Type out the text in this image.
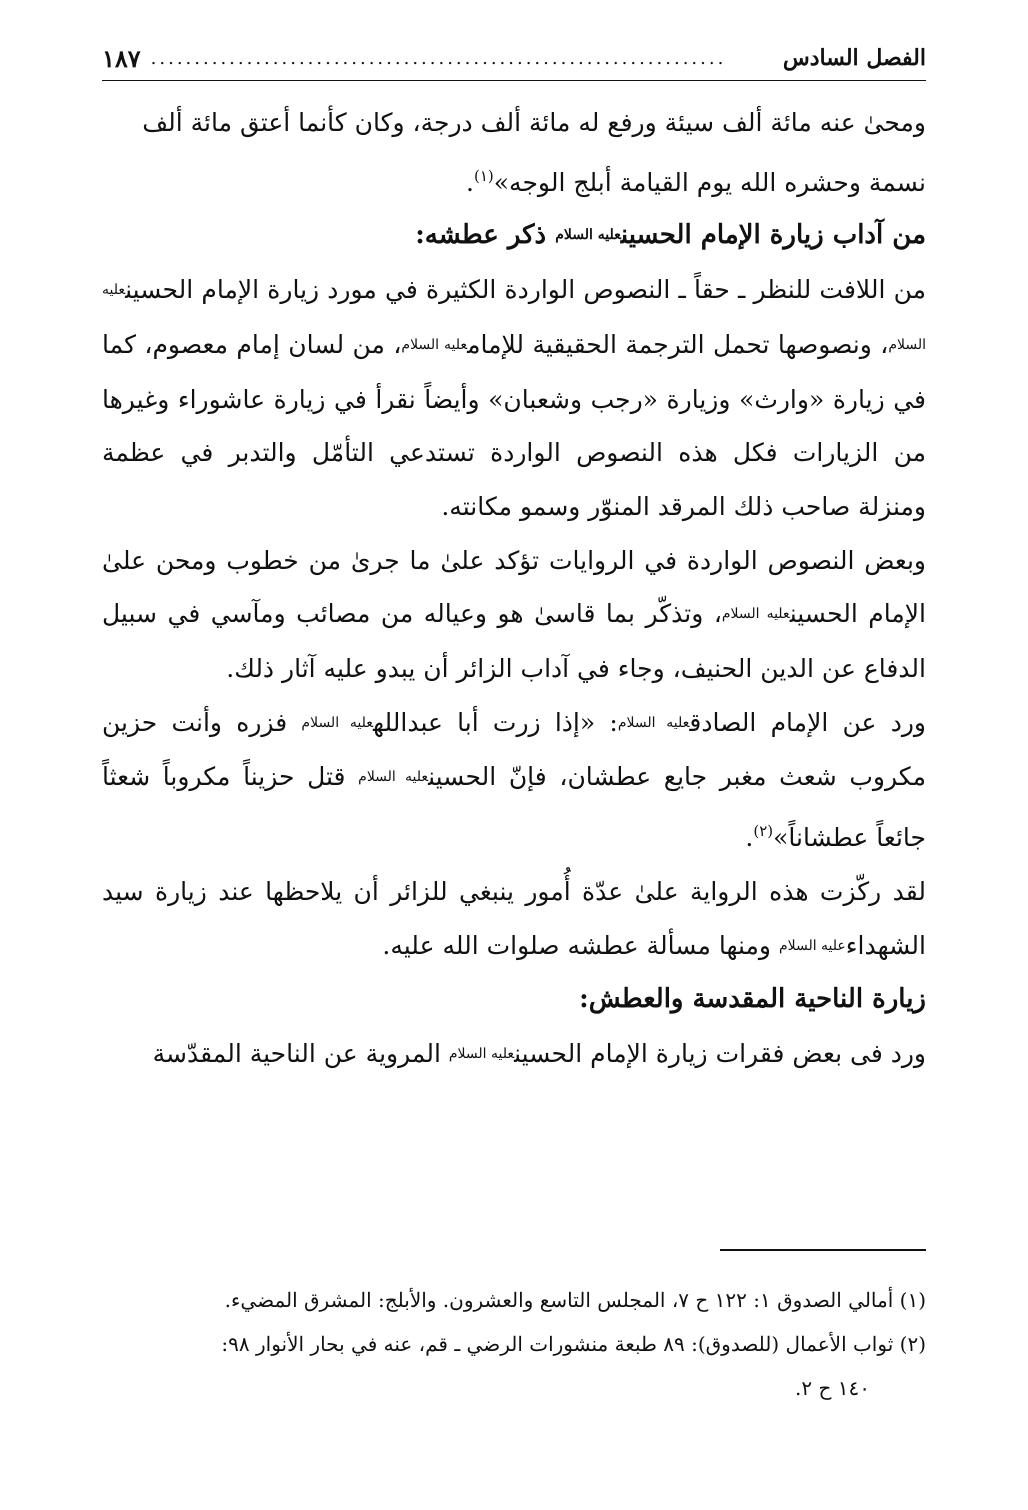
الفصل السادس
..................................................................
١٨٧

ومحىٰ عنه مائة ألف سيئة ورفع له مائة ألف درجة، وكان كأنما أعتق مائة ألف
نسمة وحشره الله يوم القيامة أبلج الوجه»$^{(١)}$.

من آداب زيارة الإمام الحسينعليه السلام ذكر عطشه:

من اللافت للنظر ـ حقاً ـ النصوص الواردة الكثيرة في مورد زيارة الإمام الحسينعليه السلام، ونصوصها تحمل الترجمة الحقيقية للإمامعليه السلام، من لسان إمام معصوم، كما في زيارة «وارث» وزيارة «رجب وشعبان» وأيضاً نقرأ في زيارة عاشوراء وغيرها من الزيارات فكل هذه النصوص الواردة تستدعي التأمّل والتدبر في عظمة ومنزلة صاحب ذلك المرقد المنوّر وسمو مكانته.

وبعض النصوص الواردة في الروايات تؤكد علىٰ ما جرىٰ من خطوب ومحن علىٰ الإمام الحسينعليه السلام، وتذكّر بما قاسىٰ هو وعياله من مصائب ومآسي في سبيل الدفاع عن الدين الحنيف، وجاء في آداب الزائر أن يبدو عليه آثار ذلك.

ورد عن الإمام الصادقعليه السلام: «إذا زرت أبا عبداللهعليه السلام فزره وأنت حزين مكروب شعث مغبر جايع عطشان، فإنّ الحسينعليه السلام قتل حزيناً مكروباً شعثاً جائعاً عطشاناً»$^{(٢)}$.

لقد ركّزت هذه الرواية علىٰ عدّة أُمور ينبغي للزائر أن يلاحظها عند زيارة سيد الشهداءعليه السلام ومنها مسألة عطشه صلوات الله عليه.

زيارة الناحية المقدسة والعطش:

ورد فى بعض فقرات زيارة الإمام الحسينعليه السلام المروية عن الناحية المقدّسة

(١) أمالي الصدوق ١: ١٢٢ ح ٧، المجلس التاسع والعشرون. والأبلج: المشرق المضيء.

(٢) ثواب الأعمال (للصدوق): ٨٩ طبعة منشورات الرضي ـ قم، عنه في بحار الأنوار ٩٨:

١٤٠ ح ٢.
